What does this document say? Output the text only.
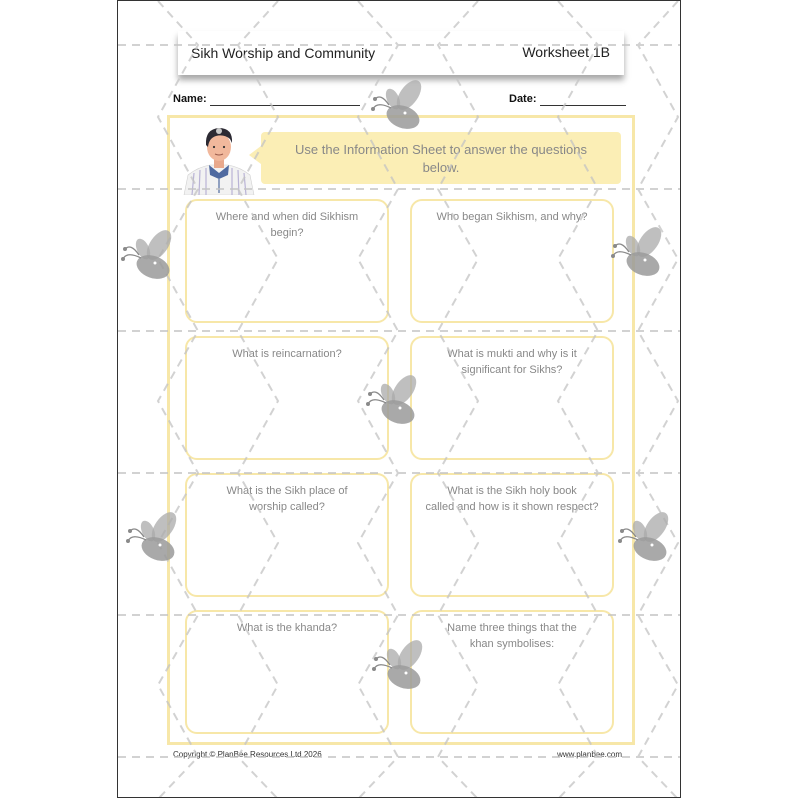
Sikh Worship and Community	Worksheet 1B
Name:	Date:
Use the Information Sheet to answer the questions
below.
Where and when did Sikhism
begin?
Who began Sikhism, and why?
What is reincarnation?	What is mukti and why is it
significant for Sikhs?
What is the Sikh place of
worship called?
What is the Sikh holy book
called and how is it shown respect?
What is the khanda?	Name three things that the
khan symbolises:
Copyright © PlanBee Resources Ltd 2026	www.planbee.com
